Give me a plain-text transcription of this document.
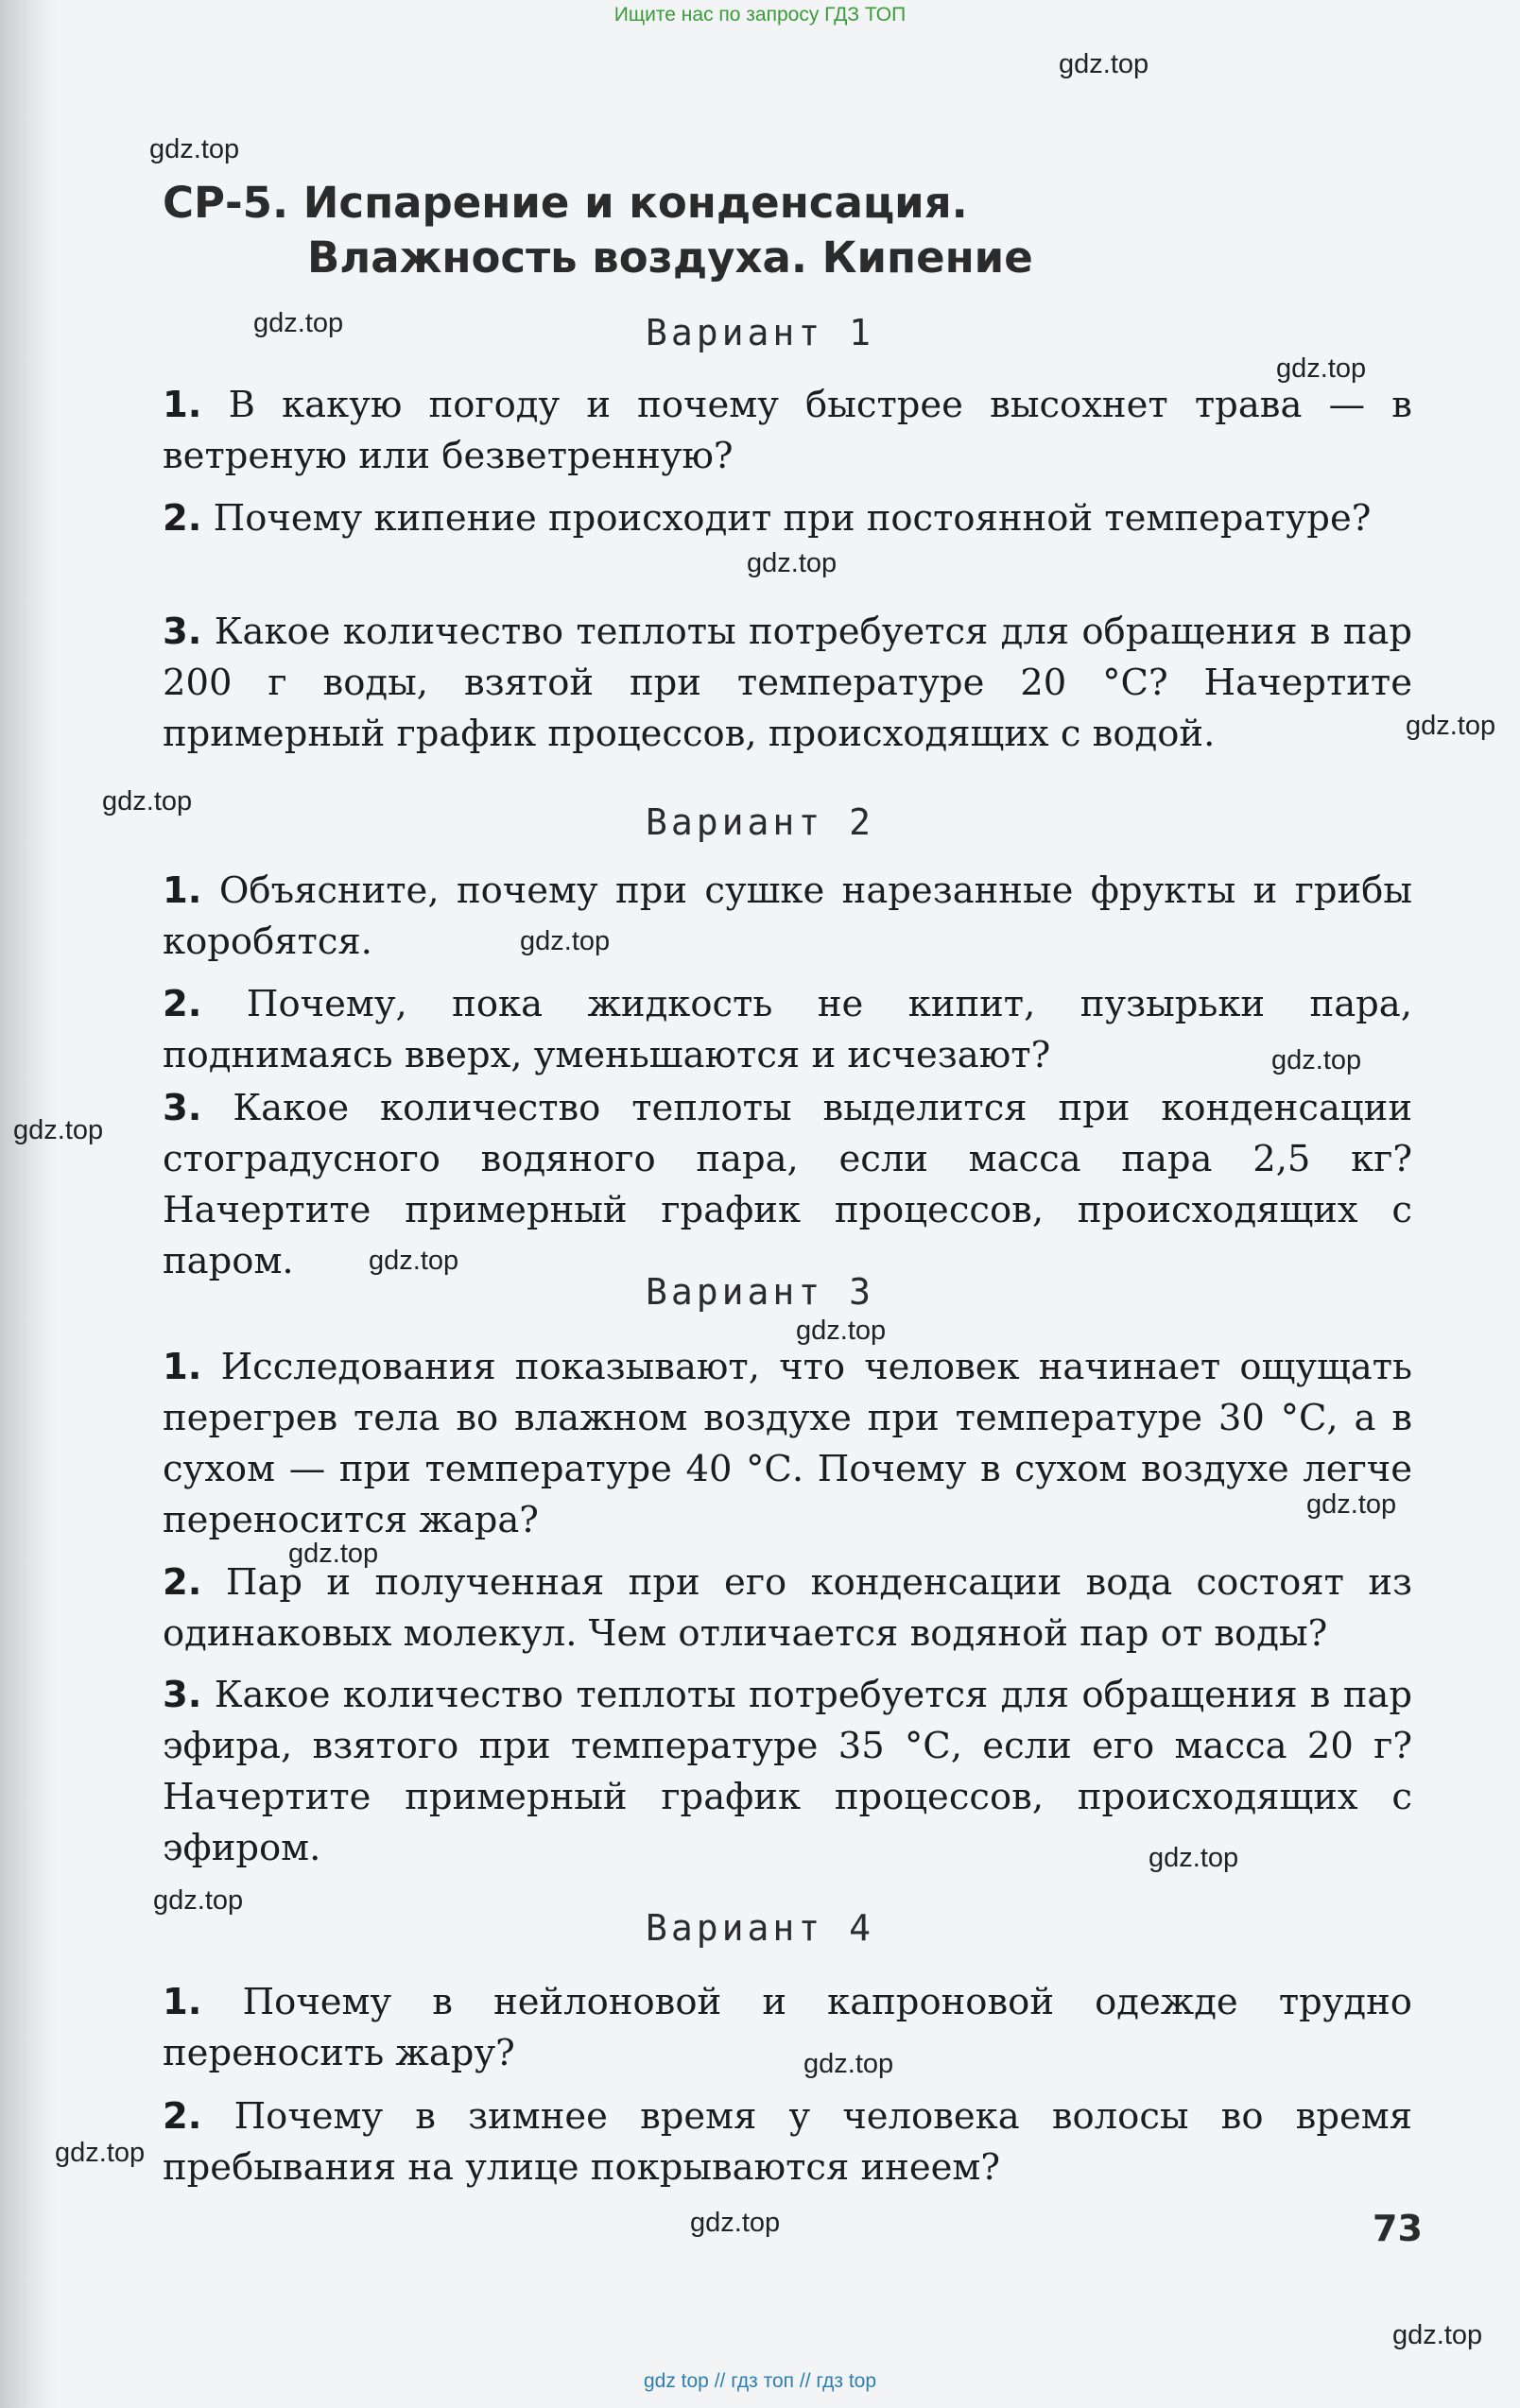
Ищите нас по запросу ГДЗ ТОП
СР-5. Испарение и конденсация.
Влажность воздуха. Кипение
Вариант 1
1. В какую погоду и почему быстрее высохнет трава — в ветреную или безветренную?
2. Почему кипение происходит при постоянной температуре?
3. Какое количество теплоты потребуется для обращения в пар 200 г воды, взятой при температуре 20 °С? Начертите примерный график процессов, происходящих с водой.
Вариант 2
1. Объясните, почему при сушке нарезанные фрукты и грибы коробятся.
2. Почему, пока жидкость не кипит, пузырьки пара, поднимаясь вверх, уменьшаются и исчезают?
3. Какое количество теплоты выделится при конденсации стоградусного водяного пара, если масса пара 2,5 кг? Начертите примерный график процессов, происходящих с паром.
Вариант 3
1. Исследования показывают, что человек начинает ощущать перегрев тела во влажном воздухе при температуре 30 °С, а в сухом — при температуре 40 °С. Почему в сухом воздухе легче переносится жара?
2. Пар и полученная при его конденсации вода состоят из одинаковых молекул. Чем отличается водяной пар от воды?
3. Какое количество теплоты потребуется для обращения в пар эфира, взятого при температуре 35 °С, если его масса 20 г? Начертите примерный график процессов, происходящих с эфиром.
Вариант 4
1. Почему в нейлоновой и капроновой одежде трудно переносить жару?
2. Почему в зимнее время у человека волосы во время пребывания на улице покрываются инеем?
73
gdz.top
gdz.top
gdz.top
gdz.top
gdz.top
gdz.top
gdz.top
gdz.top
gdz.top
gdz.top
gdz.top
gdz.top
gdz.top
gdz.top
gdz.top
gdz.top
gdz.top
gdz.top
gdz.top
gdz.top
gdz top // гдз топ // гдз top
